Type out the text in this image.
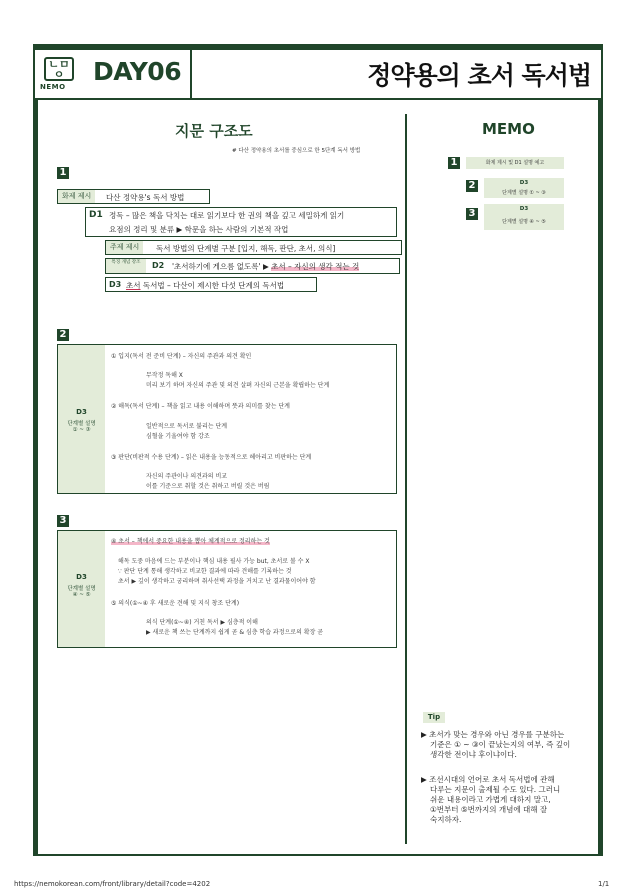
ㄴㅁ ㅇ
NEMO
DAY06	정약용의 초서 독서법
지문 구조도
# 다산 정약용의 초서를 중심으로 한 5단계 독서 방법
1
화제 제시	다산 정약용's 독서 방법
D1 정독 – 많은 책을 닥치는 대로 읽기보다 한 권의 책을 깊고 세밀하게 읽기
요점의 정리 및 분류 ▶ 학문을 하는 사람의 기본적 작업
주제 제시	독서 방법의 단계별 구분 [입지, 해독, 판단, 초서, 의식]
특징 개념 강조	D2 '초서하기에 게으름 없도록' ▶ 초서 – 자신의 생각 적는 것
D3 초서 독서법 – 다산이 제시한 다섯 단계의 독서법
2
D3
단계별 설명
① ~ ③
① 입지(독서 전 준비 단계) – 자신의 주관과 의견 확인
무작정 독해 X
미리 보기 하며 자신의 주관 및 의견 살펴 자신의 근본을 확립하는 단계
② 해독(독서 단계) – 책을 읽고 내용 이해하며 뜻과 의미를 찾는 단계
일반적으로 독서로 불리는 단계
심혈을 기울여야 함 강조
③ 판단(비판적 수용 단계) – 읽은 내용을 능동적으로 헤아리고 비판하는 단계
자신의 주관이나 의견과의 비교
이를 기준으로 취할 것은 취하고 버릴 것은 버림
3
D3
단계별 설명
④ ~ ⑤
④ 초서 – 책에서 중요한 내용을 뽑아 체계적으로 정리하는 것
해독 도중 마음에 드는 부분이나 핵심 내용 필사 가능 but, 초서로 볼 수 X
∵ 판단 단계 통해 생각하고 비교한 결과에 따라 견해를 기록하는 것
초서 ▶ 깊이 생각하고 궁리하며 취사선택 과정을 거치고 난 결과물이어야 함
⑤ 의식(①~④ 후 새로운 견해 및 지식 창조 단계)
의식 단계(①~④) 거친 독서 ▶ 심층적 이해
▶ 새로운 책 쓰는 단계까지 쉽게 곧 & 심층 학습 과정으로의 확장 곧
MEMO
1	화제 제시 및 D1 설명 예고
2	D3
단계별 설명 ① ~ ③
3	D3
단계별 설명 ④ ~ ⑤
Tip
▶ 초서가 맞는 경우와 아닌 경우를 구분하는
기준은 ① ~ ③이 끝났는지의 여부, 즉 깊이
생각한 전이냐 후이냐이다.
▶ 조선시대의 언어로 초서 독서법에 관해
다루는 지문이 출제될 수도 있다. 그러니
쉬운 내용이라고 가볍게 대하지 말고,
①번부터 ⑤번까지의 개념에 대해 잘
숙지하자.
https://nemokorean.com/front/library/detail?code=4202	1/1
